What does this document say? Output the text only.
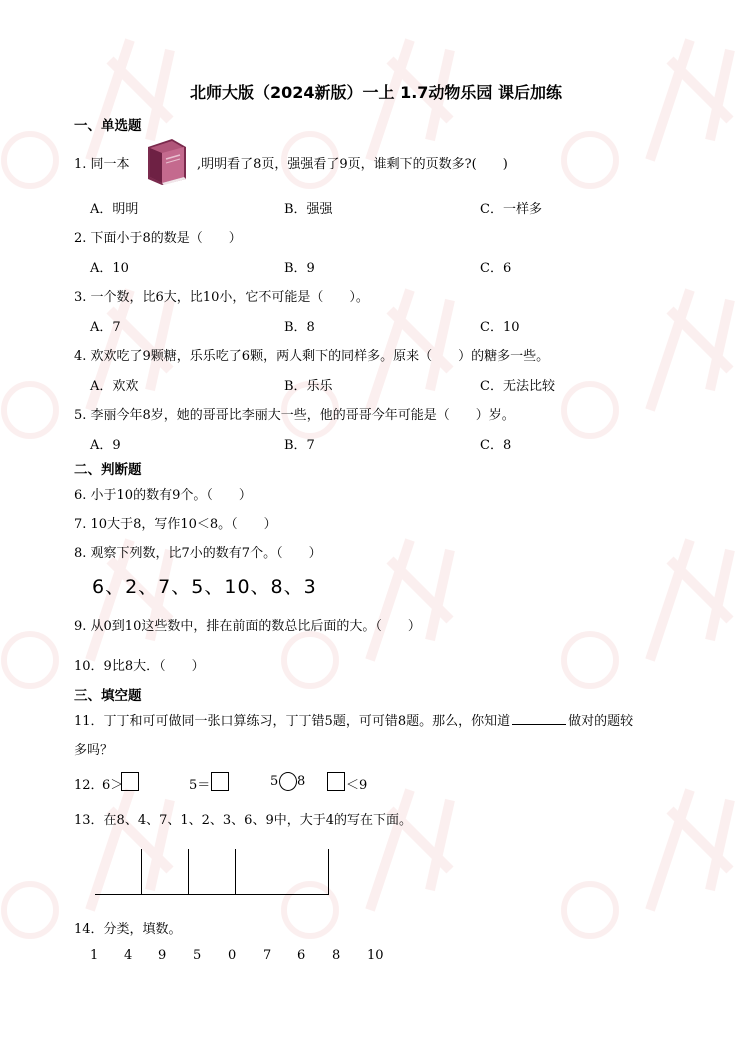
北师大版（2024新版）一上 1.7动物乐园 课后加练
一、单选题
1. 同一本	,明明看了8页，强强看了9页，谁剩下的页数多?(　　)
A．明明	B．强强	C．一样多
2. 下面小于8的数是（　　）
A．10	B．9	C．6
3. 一个数，比6大，比10小，它不可能是（　　）。
A．7	B．8	C．10
4. 欢欢吃了9颗糖，乐乐吃了6颗，两人剩下的同样多。原来（　　）的糖多一些。
A．欢欢	B．乐乐	C．无法比较
5. 李丽今年8岁，她的哥哥比李丽大一些，他的哥哥今年可能是（　　）岁。
A．9	B．7	C．8
二、判断题
6. 小于10的数有9个。（　　）
7. 10大于8，写作10＜8。（　　）
8. 观察下列数，比7小的数有7个。（　　）
6、2、7、5、10、8、3
9. 从0到10这些数中，排在前面的数总比后面的大。（　　）
10．9比8大．（　　）
三、填空题
11．丁丁和可可做同一张口算练习，丁丁错5题，可可错8题。那么，你知道	做对的题较
多吗？
12．
6＞	5＝	5 8	＜9
13．在8、4、7、1、2、3、6、9中，大于4的写在下面。
14．分类，填数。
1 4 9 5 0 7 6 8 10
